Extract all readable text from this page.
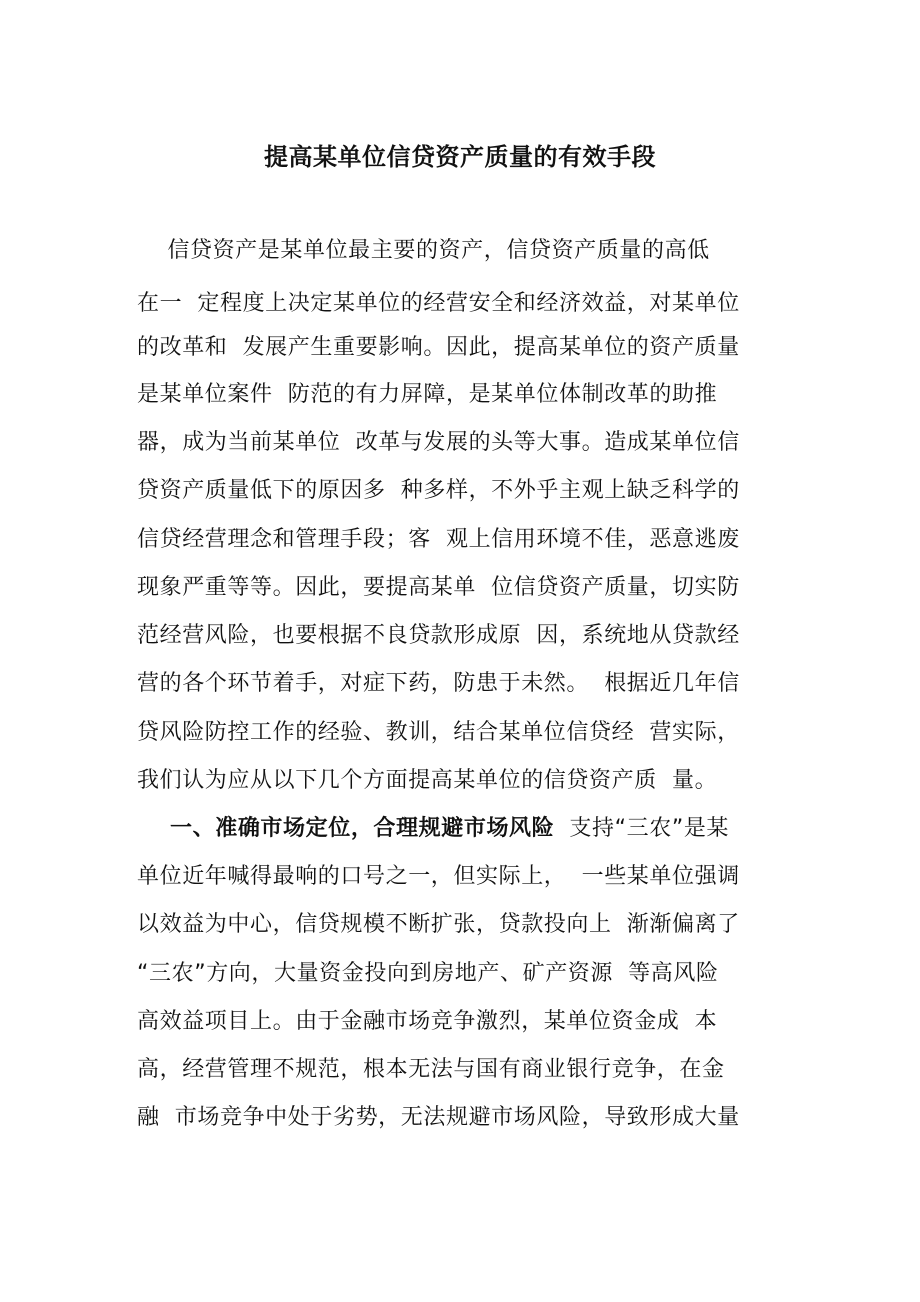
提高某单位信贷资产质量的有效手段
信贷资产是某单位最主要的资产，信贷资产质量的高低
在一  定程度上决定某单位的经营安全和经济效益，对某单位
的改革和  发展产生重要影响。因此，提高某单位的资产质量
是某单位案件  防范的有力屏障，是某单位体制改革的助推
器，成为当前某单位  改革与发展的头等大事。造成某单位信
贷资产质量低下的原因多  种多样，不外乎主观上缺乏科学的
信贷经营理念和管理手段；客  观上信用环境不佳，恶意逃废
现象严重等等。因此，要提高某单  位信贷资产质量，切实防
范经营风险，也要根据不良贷款形成原  因，系统地从贷款经
营的各个环节着手，对症下药，防患于未然。  根据近几年信
贷风险防控工作的经验、教训，结合某单位信贷经  营实际，
我们认为应从以下几个方面提高某单位的信贷资产质  量。
一、准确市场定位，合理规避市场风险  支持“三农”是某
单位近年喊得最响的口号之一，但实际上，  一些某单位强调
以效益为中心，信贷规模不断扩张，贷款投向上  渐渐偏离了
“三农”方向，大量资金投向到房地产、矿产资源  等高风险
高效益项目上。由于金融市场竞争激烈，某单位资金成  本
高，经营管理不规范，根本无法与国有商业银行竞争，在金
融  市场竞争中处于劣势，无法规避市场风险，导致形成大量
